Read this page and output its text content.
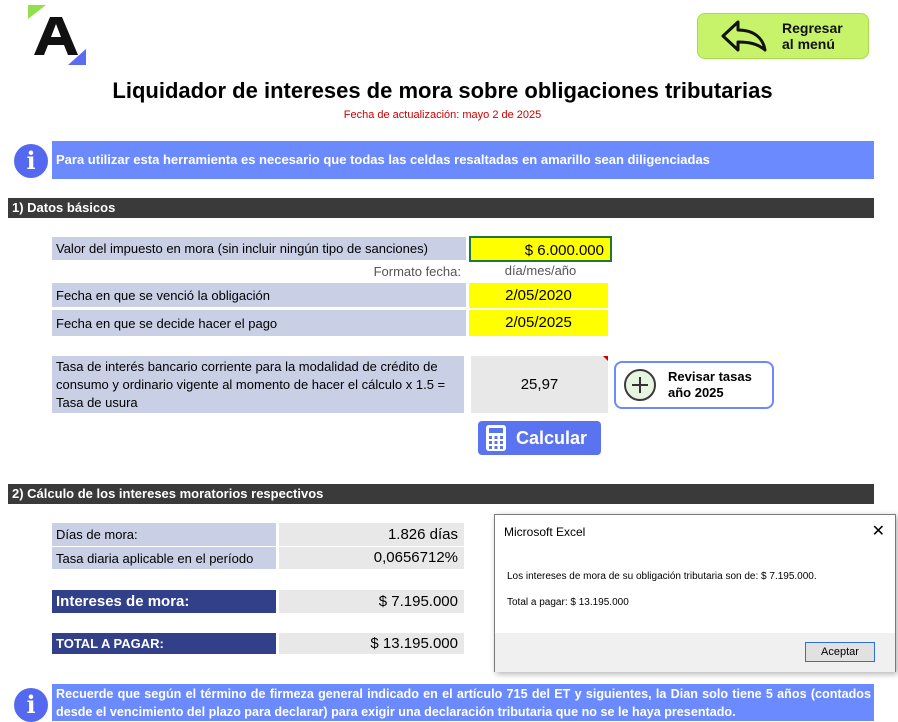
Regresar
al menú
Liquidador de intereses de mora sobre obligaciones tributarias
Fecha de actualización: mayo 2 de 2025
i	Para utilizar esta herramienta es necesario que todas las celdas resaltadas en amarillo sean diligenciadas
1) Datos básicos
Valor del impuesto en mora (sin incluir ningún tipo de sanciones)	$ 6.000.000
Formato fecha:	día/mes/año
Fecha en que se venció la obligación	2/05/2020
Fecha en que se decide hacer el pago	2/05/2025
Tasa de interés bancario corriente para la modalidad de crédito de consumo y ordinario vigente al momento de hacer el cálculo x 1.5 = Tasa de usura
25,97	Revisar tasas
año 2025
Calcular
2) Cálculo de los intereses moratorios respectivos
Días de mora:	1.826 días
Tasa diaria aplicable en el período	0,0656712%
Intereses de mora:	$ 7.195.000
TOTAL A PAGAR:	$ 13.195.000
i	Recuerde que según el término de firmeza general indicado en el artículo 715 del ET y siguientes, la Dian solo tiene 5 años (contados desde el vencimiento del plazo para declarar) para exigir una declaración tributaria que no se le haya presentado.
Microsoft Excel	✕
Los intereses de mora de su obligación tributaria son de: $ 7.195.000.
Total a pagar: $ 13.195.000
Aceptar
